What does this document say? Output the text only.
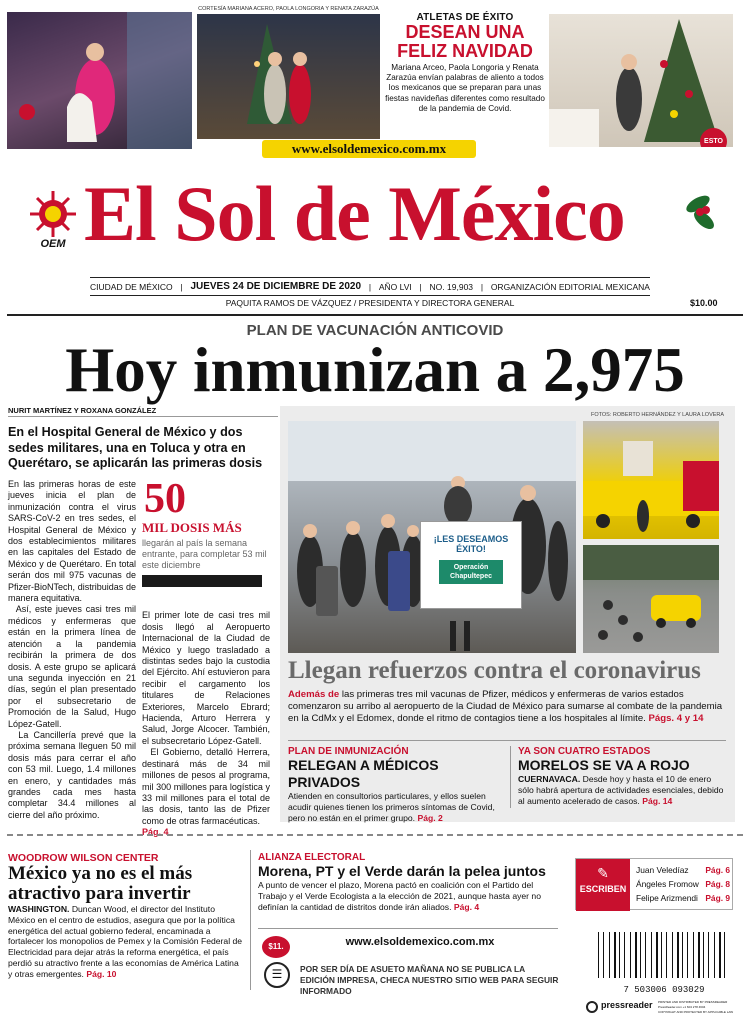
CORTESÍA MARIANA ACERO, PAOLA LONGORIA Y RENATA ZARAZÚA
ATLETAS DE ÉXITO
DESEAN UNA
FELIZ NAVIDAD
Mariana Arceo, Paola Longoria y Renata Zarazúa envían palabras de aliento a todos los mexicanos que se preparan para unas fiestas navideñas diferentes como resultado de la pandemia de Covid.
ESTO
www.elsoldemexico.com.mx
OEM El Sol de México
CIUDAD DE MÉXICO | JUEVES 24 DE DICIEMBRE DE 2020 | AÑO LVI | NO. 19,903 | ORGANIZACIÓN EDITORIAL MEXICANA
PAQUITA RAMOS DE VÁZQUEZ / PRESIDENTA Y DIRECTORA GENERAL	$10.00
PLAN DE VACUNACIÓN ANTICOVID
Hoy inmunizan a 2,975
NURIT MARTÍNEZ Y ROXANA GONZÁLEZ
En el Hospital General de México y dos sedes militares, una en Toluca y otra en Querétaro, se aplicarán las primeras dosis
En las primeras horas de este jueves inicia el plan de inmunización contra el virus SARS-CoV-2 en tres sedes, el Hospital General de México y dos establecimientos militares en las capitales del Estado de México y de Querétaro. En total serán dos mil 975 vacunas de Pfizer-BioNTech, distribuidas de manera equitativa.
Así, este jueves casi tres mil médicos y enfermeras que están en la primera línea de atención a la pandemia recibirán la primera de dos dosis. A este grupo se aplicará una segunda inyección en 21 días, según el plan presentado por el subsecretario de Promoción de la Salud, Hugo López-Gatell.
La Cancillería prevé que la próxima semana lleguen 50 mil dosis más para cerrar el año con 53 mil. Luego, 1.4 millones en enero, y cantidades más grandes cada mes hasta completar 34.4 millones al cierre del año próximo.
50
MIL DOSIS MÁS
llegarán al país la semana entrante, para completar 53 mil este diciembre

El primer lote de casi tres mil dosis llegó al Aeropuerto Internacional de la Ciudad de México y luego trasladado a distintas sedes bajo la custodia del Ejército. Ahí estuvieron para recibir el cargamento los titulares de Relaciones Exteriores, Marcelo Ebrard; Hacienda, Arturo Herrera y Salud, Jorge Alcocer. También, el subsecretario López-Gatell.
El Gobierno, detalló Herrera, destinará más de 34 mil millones de pesos al programa, mil 300 millones para logística y 33 mil millones para el total de las dosis, tanto las de Pfizer como de otras farmacéuticas.
Pág. 4

FOTOS: ROBERTO HERNÁNDEZ Y LAURA LOVERA
¡LES DESEAMOS
ÉXITO!
Operación Chapultepec
Llegan refuerzos contra el coronavirus
Además de las primeras tres mil vacunas de Pfizer, médicos y enfermeras de varios estados comenzaron su arribo al aeropuerto de la Ciudad de México para sumarse al combate de la pandemia en la CdMx y el Edomex, donde el ritmo de contagios tiene a los hospitales al límite. Págs. 4 y 14
PLAN DE INMUNIZACIÓN
RELEGAN A MÉDICOS PRIVADOS
Atienden en consultorios particulares, y ellos suelen acudir quienes tienen los primeros síntomas de Covid, pero no están en el primer grupo. Pág. 2
YA SON CUATRO ESTADOS
MORELOS SE VA A ROJO
CUERNAVACA. Desde hoy y hasta el 10 de enero sólo habrá apertura de actividades esenciales, debido al aumento acelerado de casos. Pág. 14
WOODROW WILSON CENTER
México ya no es el más atractivo para invertir
WASHINGTON. Duncan Wood, el director del Instituto México en el centro de estudios, asegura que por la política energética del actual gobierno federal, encaminada a fortalecer los monopolios de Pemex y la Comisión Federal de Electricidad para dejar atrás la reforma energética, el país perdió su atractivo frente a las economías de América Latina y otras emergentes. Pág. 10
ALIANZA ELECTORAL
Morena, PT y el Verde darán la pelea juntos
A punto de vencer el plazo, Morena pactó en coalición con el Partido del Trabajo y el Verde Ecologista a la elección de 2021, aunque hasta ayer no definían la cantidad de distritos donde irán aliados. Pág. 4
$11.	www.elsoldemexico.com.mx
☰	POR SER DÍA DE ASUETO MAÑANA NO SE PUBLICA LA EDICIÓN IMPRESA, CHECA NUESTRO SITIO WEB PARA SEGUIR INFORMADO
✎
ESCRIBEN
Juan Veledíaz Pág. 6
Ángeles Fromow Pág. 8
Felipe Arizmendi Pág. 9
7 503006 093029
pressreader PRINTED AND DISTRIBUTED BY PRESSREADER
PressReader.com +1 604 278 4604
COPYRIGHT AND PROTECTED BY APPLICABLE LAW
